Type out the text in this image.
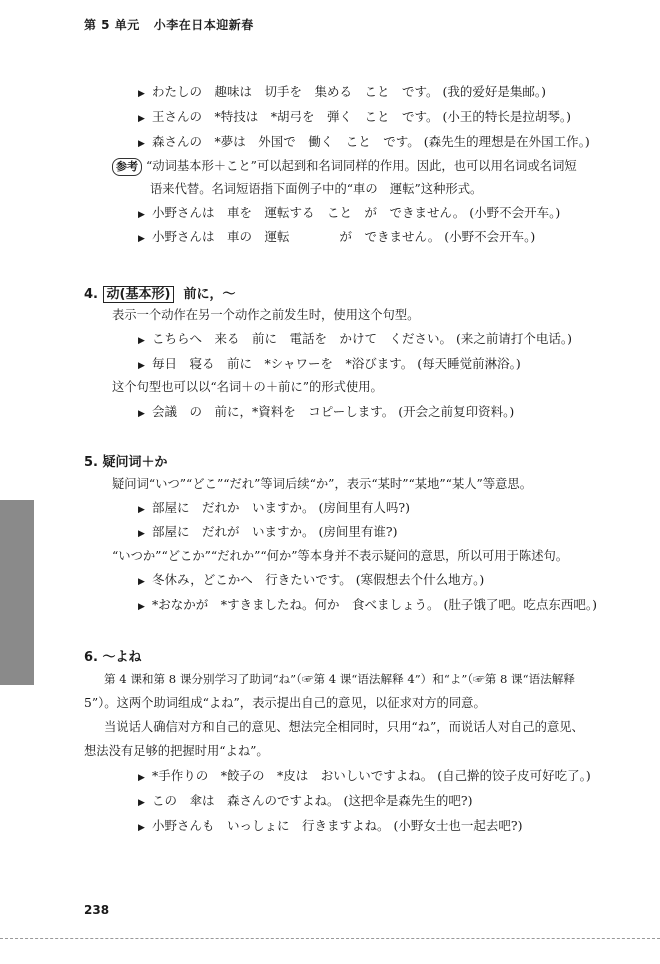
第 5 单元 小李在日本迎新春
▶ わたしの　趣味は　切手を　集める　こと　です。 (我的爱好是集邮。)
▶ 王さんの　*特技は　*胡弓を　弾く　こと　です。 (小王的特长是拉胡琴。)
▶ 森さんの　*夢は　外国で　働く　こと　です。 (森先生的理想是在外国工作。)
参考 “动词基本形＋こと”可以起到和名词同样的作用。因此，也可以用名词或名词短
语来代替。名词短语指下面例子中的“車の　運転”这种形式。
▶ 小野さんは　車を　運転する　こと　が　できません。 (小野不会开车。)
▶ 小野さんは　車の　運転　　　　が　できません。 (小野不会开车。)
4. 动(基本形) 前に，～
表示一个动作在另一个动作之前发生时，使用这个句型。
▶ こちらへ　来る　前に　電話を　かけて　ください。 (来之前请打个电话。)
▶ 毎日　寝る　前に　*シャワーを　*浴びます。 (每天睡觉前淋浴。)
这个句型也可以以“名词＋の＋前に”的形式使用。
▶ 会議　の　前に，*資料を　コピーします。 (开会之前复印资料。)
5. 疑问词＋か
疑问词“いつ”“どこ”“だれ”等词后续“か”，表示“某时”“某地”“某人”等意思。
▶ 部屋に　だれか　いますか。 (房间里有人吗?)
▶ 部屋に　だれが　いますか。 (房间里有谁?)
“いつか”“どこか”“だれか”“何か”等本身并不表示疑问的意思，所以可用于陈述句。
▶ 冬休み，どこかへ　行きたいです。 (寒假想去个什么地方。)
▶ *おなかが　*すきましたね。何か　食べましょう。 (肚子饿了吧。吃点东西吧。)
6. ～よね
第 4 课和第 8 课分别学习了助词“ね”（☞第 4 课“语法解释 4”）和“よ”（☞第 8 课“语法解释
5”）。这两个助词组成“よね”，表示提出自己的意见，以征求对方的同意。
当说话人确信对方和自己的意见、想法完全相同时，只用“ね”，而说话人对自己的意见、
想法没有足够的把握时用“よね”。
▶ *手作りの　*餃子の　*皮は　おいしいですよね。 (自己擀的饺子皮可好吃了。)
▶ この　傘は　森さんのですよね。 (这把伞是森先生的吧?)
▶ 小野さんも　いっしょに　行きますよね。 (小野女士也一起去吧?)
238
